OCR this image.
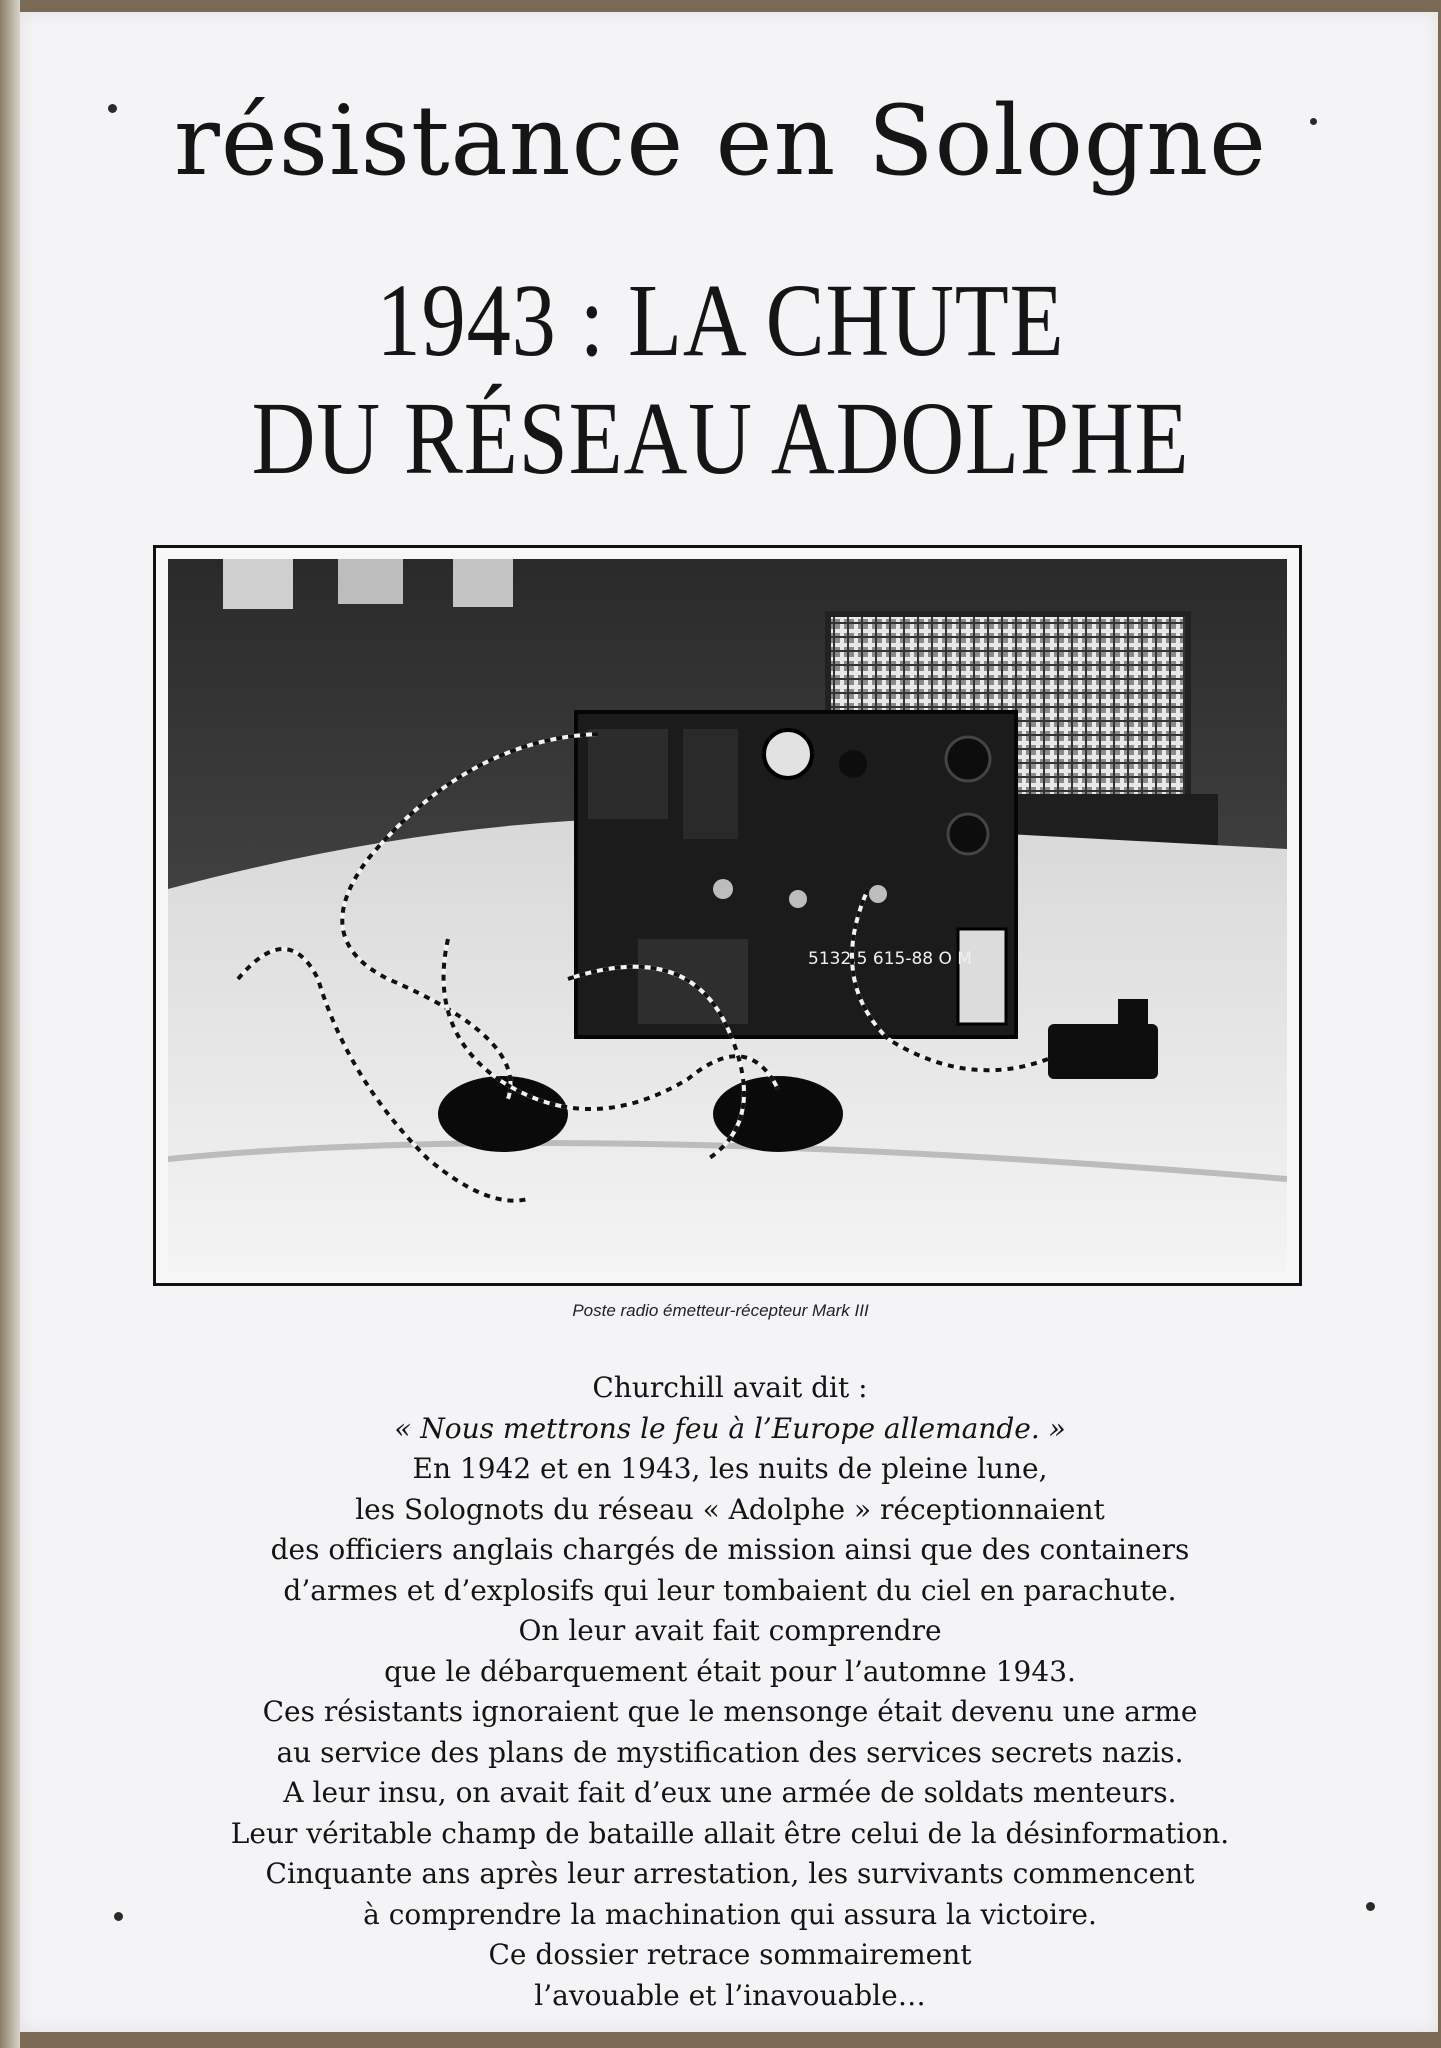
résistance en Sologne
1943 : LA CHUTE
DU RÉSEAU ADOLPHE
5132.5 615-88 O M
Poste radio émetteur-récepteur Mark III
Churchill avait dit :
« Nous mettrons le feu à l’Europe allemande. »
En 1942 et en 1943, les nuits de pleine lune,
les Solognots du réseau « Adolphe » réceptionnaient
des officiers anglais chargés de mission ainsi que des containers
d’armes et d’explosifs qui leur tombaient du ciel en parachute.
On leur avait fait comprendre
que le débarquement était pour l’automne 1943.
Ces résistants ignoraient que le mensonge était devenu une arme
au service des plans de mystification des services secrets nazis.
A leur insu, on avait fait d’eux une armée de soldats menteurs.
Leur véritable champ de bataille allait être celui de la désinformation.
Cinquante ans après leur arrestation, les survivants commencent
à comprendre la machination qui assura la victoire.
Ce dossier retrace sommairement
l’avouable et l’inavouable…
